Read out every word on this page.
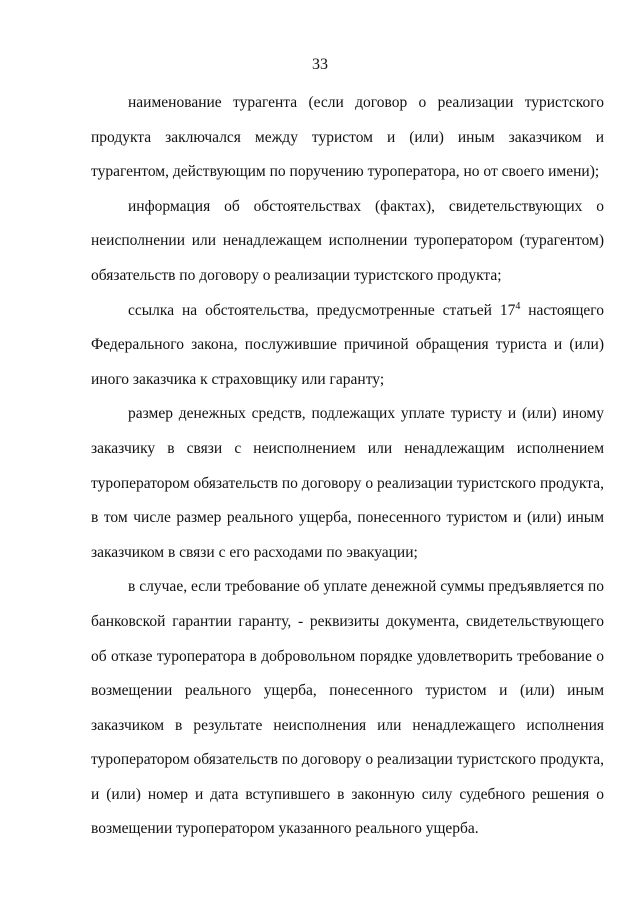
33

наименование турагента (если договор о реализации туристского продукта заключался между туристом и (или) иным заказчиком и турагентом, действующим по поручению туроператора, но от своего имени);

информация об обстоятельствах (фактах), свидетельствующих о неисполнении или ненадлежащем исполнении туроператором (турагентом) обязательств по договору о реализации туристского продукта;

ссылка на обстоятельства, предусмотренные статьей $17^4$ настоящего Федерального закона, послужившие причиной обращения туриста и (или) иного заказчика к страховщику или гаранту;

размер денежных средств, подлежащих уплате туристу и (или) иному заказчику в связи с неисполнением или ненадлежащим исполнением туроператором обязательств по договору о реализации туристского продукта, в том числе размер реального ущерба, понесенного туристом и (или) иным заказчиком в связи с его расходами по эвакуации;

в случае, если требование об уплате денежной суммы предъявляется по банковской гарантии гаранту, - реквизиты документа, свидетельствующего об отказе туроператора в добровольном порядке удовлетворить требование о возмещении реального ущерба, понесенного туристом и (или) иным заказчиком в результате неисполнения или ненадлежащего исполнения туроператором обязательств по договору о реализации туристского продукта, и (или) номер и дата вступившего в законную силу судебного решения о возмещении туроператором указанного реального ущерба.
